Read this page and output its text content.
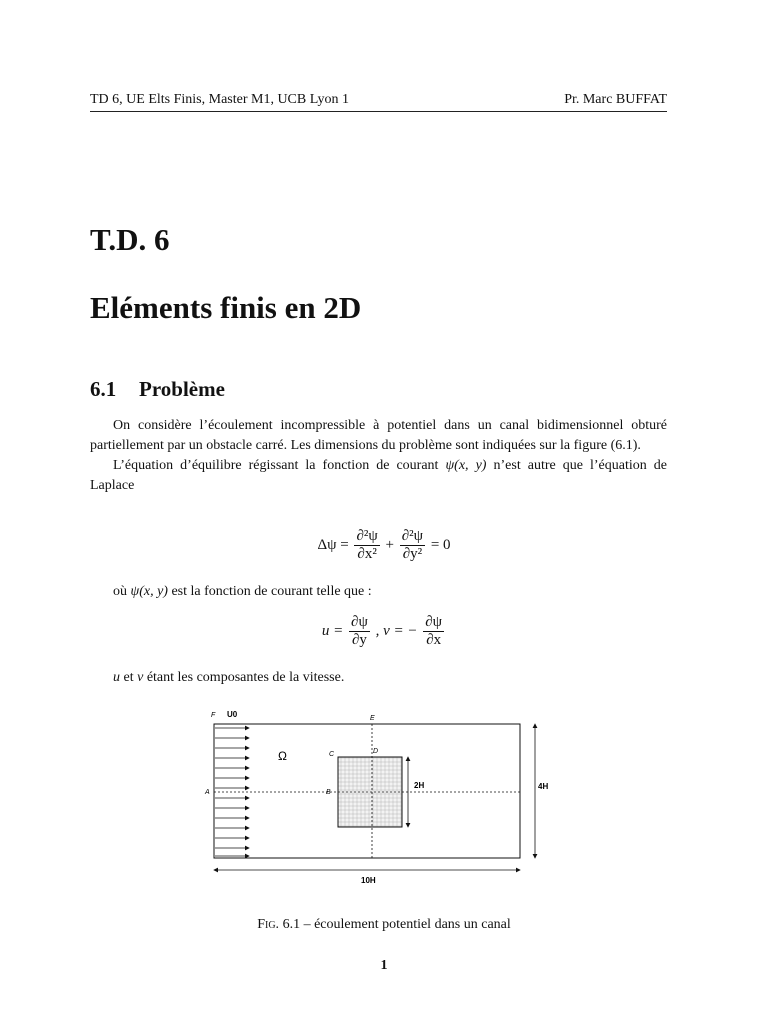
TD 6, UE Elts Finis, Master M1, UCB Lyon 1	Pr. Marc BUFFAT
T.D. 6
Eléments finis en 2D
6.1 Problème

On considère l’écoulement incompressible à potentiel dans un canal bidimensionnel obturé partiellement par un obstacle carré. Les dimensions du problème sont indiquées sur la figure (6.1).

L’équation d’équilibre régissant la fonction de courant ψ(x, y) n’est autre que l’équation de Laplace

$\Delta\psi = \frac{\text{∂²ψ}}{\text{∂x²}} + \frac{\text{∂²ψ}}{\text{∂y²}} = 0$

où ψ(x, y) est la fonction de courant telle que :

$u = \frac{\partial\psi}{\partial y}$ , v = − $\frac{\partial\psi}{\partial x}$

u et v étant les composantes de la vitesse.

F U0	E
C	D
A	B
Ω
2H	4H
10H
Fig. 6.1 – écoulement potentiel dans un canal
1
